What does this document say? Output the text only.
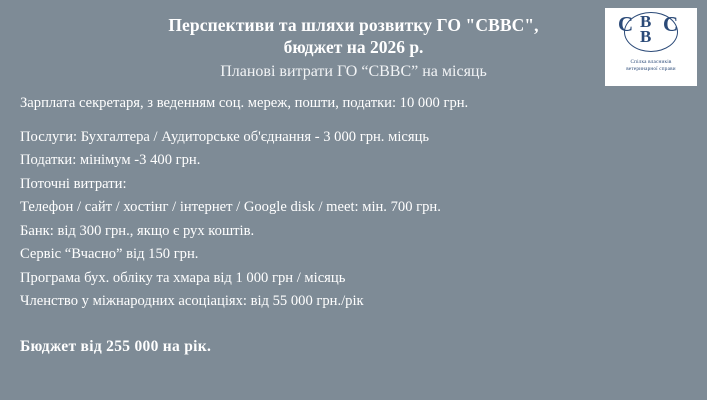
C B
B
C
Спілка власників
ветеринарної справи
Перспективи та шляхи розвитку ГО "СВВС",
бюджет на 2026 р.
Планові витрати ГО “СВВС” на місяць
Зарплата секретаря, з веденням соц. мереж, пошти, податки: 10 000 грн.
Послуги: Бухгалтера / Аудиторське об'єднання - 3 000 грн. місяць
Податки: мінімум -3 400 грн.
Поточні витрати:
Телефон / сайт / хостінг / інтернет / Google disk / meet: мін. 700 грн.
Банк: від 300 грн., якщо є рух коштів.
Сервіс “Вчасно” від 150 грн.
Програма бух. обліку та хмара від 1 000 грн / місяць
Членство у міжнародних асоціаціях: від 55 000 грн./рік
Бюджет від 255 000 на рік.
